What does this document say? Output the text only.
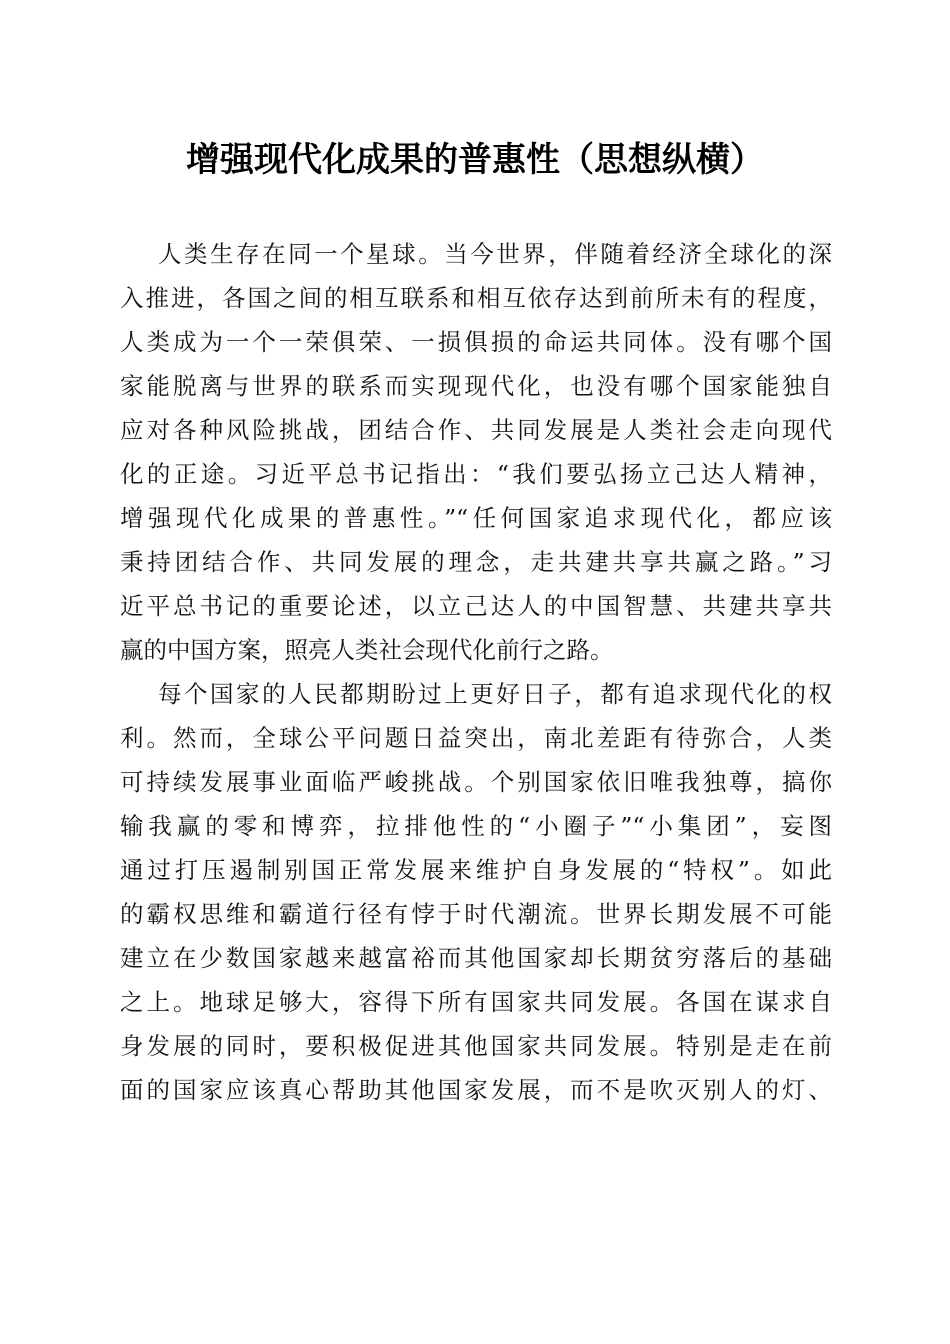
增强现代化成果的普惠性（思想纵横）
人类生存在同一个星球。当今世界，伴随着经济全球化的深
入推进，各国之间的相互联系和相互依存达到前所未有的程度，
人类成为一个一荣俱荣、一损俱损的命运共同体。没有哪个国
家能脱离与世界的联系而实现现代化，也没有哪个国家能独自
应对各种风险挑战，团结合作、共同发展是人类社会走向现代
化的正途。习近平总书记指出：“我们要弘扬立己达人精神，
增强现代化成果的普惠性。”“任何国家追求现代化，都应该
秉持团结合作、共同发展的理念，走共建共享共赢之路。”习
近平总书记的重要论述，以立己达人的中国智慧、共建共享共
赢的中国方案，照亮人类社会现代化前行之路。
每个国家的人民都期盼过上更好日子，都有追求现代化的权
利。然而，全球公平问题日益突出，南北差距有待弥合，人类
可持续发展事业面临严峻挑战。个别国家依旧唯我独尊，搞你
输我赢的零和博弈，拉排他性的“小圈子”“小集团”，妄图
通过打压遏制别国正常发展来维护自身发展的“特权”。如此
的霸权思维和霸道行径有悖于时代潮流。世界长期发展不可能
建立在少数国家越来越富裕而其他国家却长期贫穷落后的基础
之上。地球足够大，容得下所有国家共同发展。各国在谋求自
身发展的同时，要积极促进其他国家共同发展。特别是走在前
面的国家应该真心帮助其他国家发展，而不是吹灭别人的灯、
